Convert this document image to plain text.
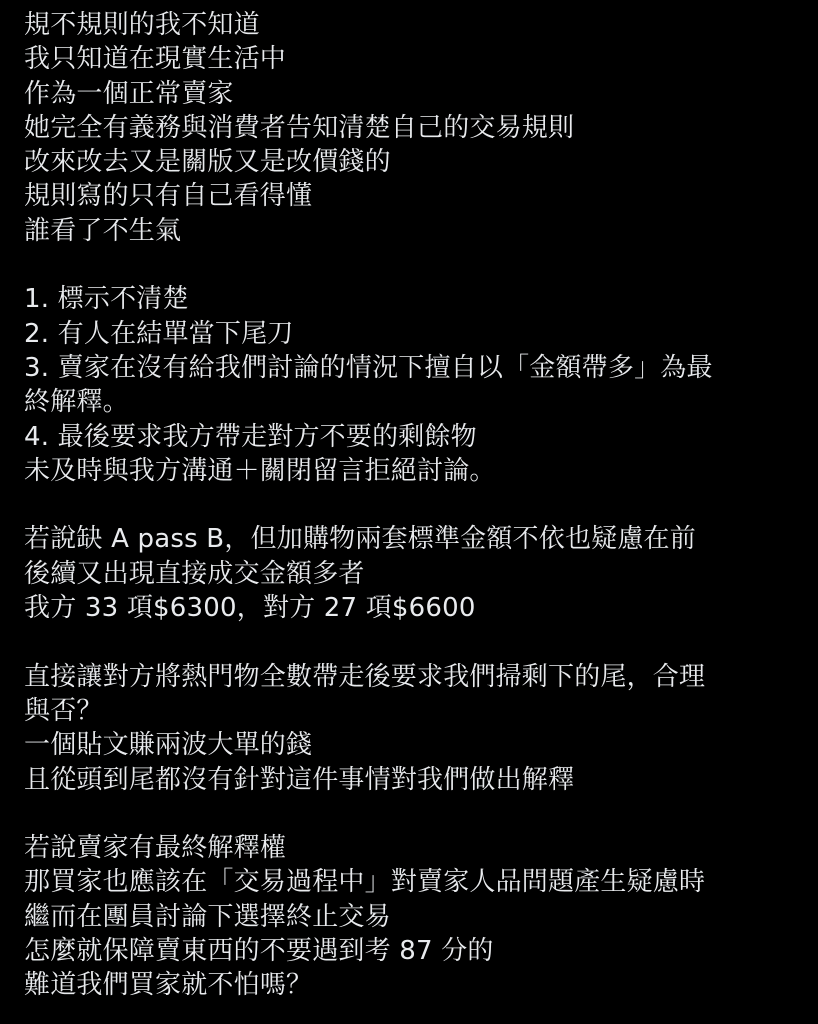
規不規則的我不知道
我只知道在現實生活中
作為一個正常賣家
她完全有義務與消費者告知清楚自己的交易規則
改來改去又是關版又是改價錢的
規則寫的只有自己看得懂
誰看了不生氣
1. 標示不清楚
2. 有人在結單當下尾刀
3. 賣家在沒有給我們討論的情況下擅自以「金額帶多」為最
終解釋。
4. 最後要求我方帶走對方不要的剩餘物
未及時與我方溝通＋關閉留言拒絕討論。
若說缺 A pass B，但加購物兩套標準金額不依也疑慮在前
後續又出現直接成交金額多者
我方 33 項$6300，對方 27 項$6600
直接讓對方將熱門物全數帶走後要求我們掃剩下的尾，合理
與否？
一個貼文賺兩波大單的錢
且從頭到尾都沒有針對這件事情對我們做出解釋
若說賣家有最終解釋權
那買家也應該在「交易過程中」對賣家人品問題產生疑慮時
繼而在團員討論下選擇終止交易
怎麼就保障賣東西的不要遇到考 87 分的
難道我們買家就不怕嗎？
